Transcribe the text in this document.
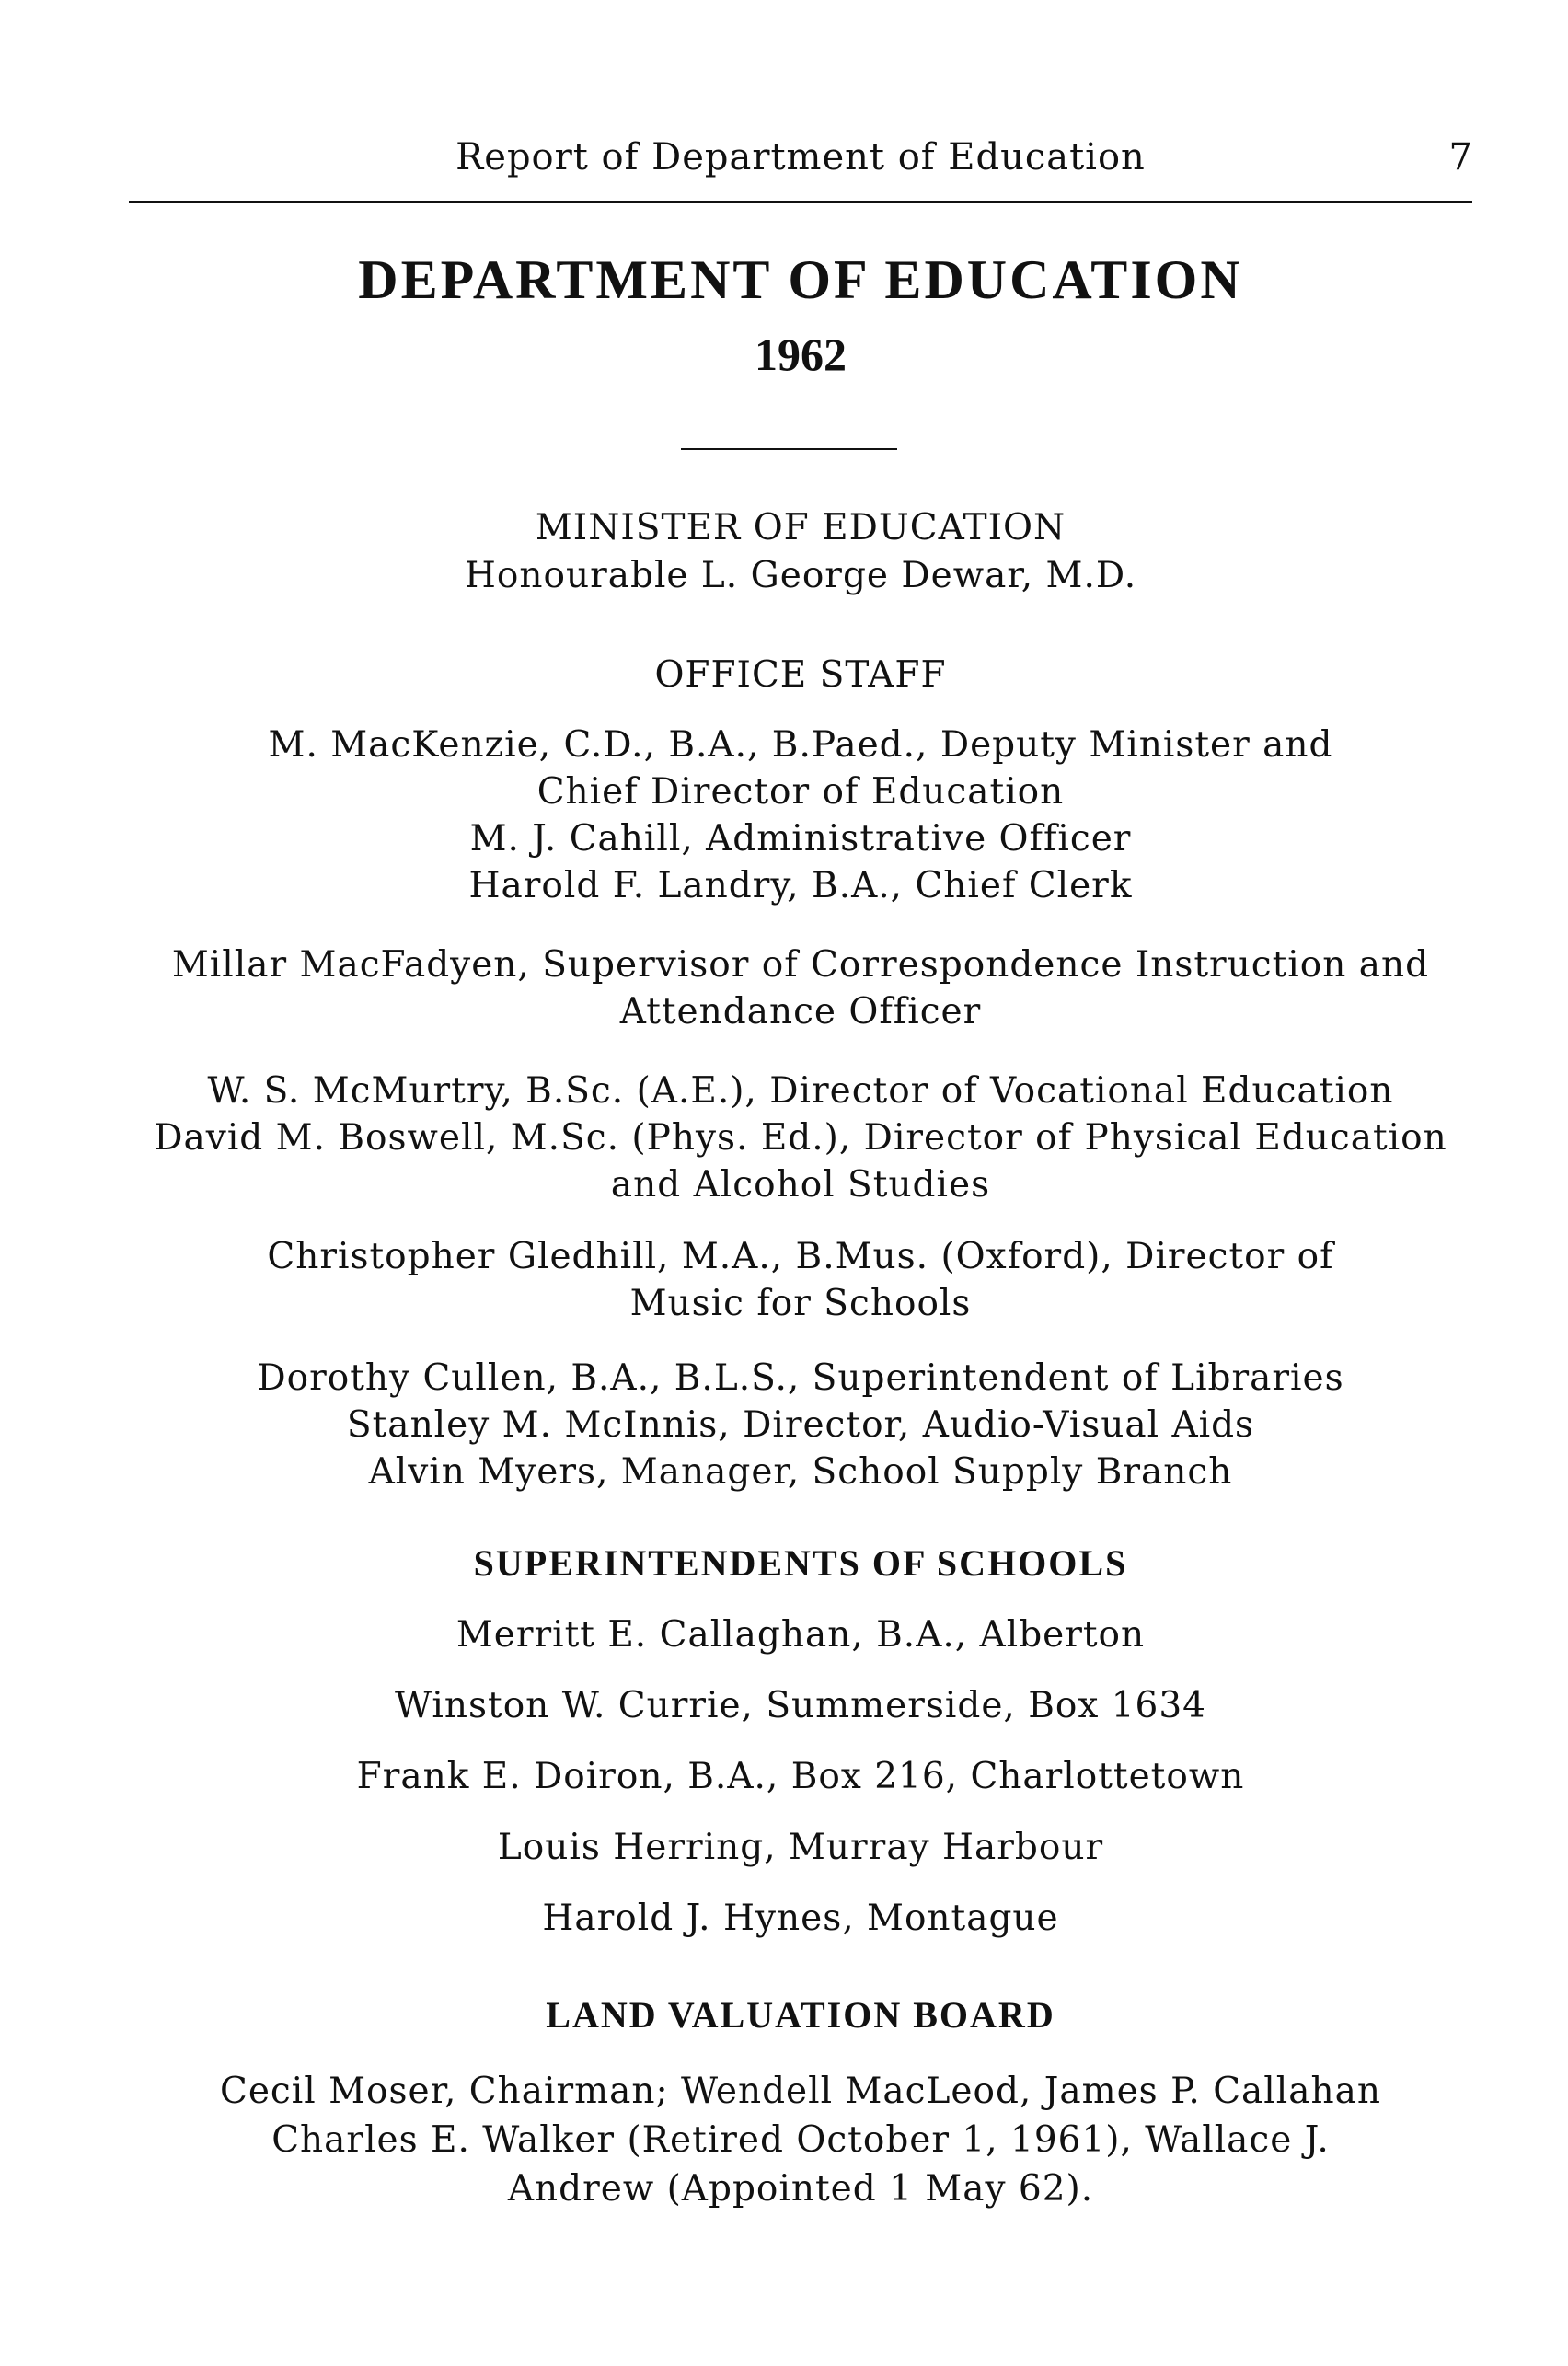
Report of Department of Education	7
DEPARTMENT OF EDUCATION
1962
MINISTER OF EDUCATION
Honourable L. George Dewar, M.D.
OFFICE STAFF
M. MacKenzie, C.D., B.A., B.Paed., Deputy Minister and
Chief Director of Education
M. J. Cahill, Administrative Officer
Harold F. Landry, B.A., Chief Clerk
Millar MacFadyen, Supervisor of Correspondence Instruction and
Attendance Officer
W. S. McMurtry, B.Sc. (A.E.), Director of Vocational Education
David M. Boswell, M.Sc. (Phys. Ed.), Director of Physical Education
and Alcohol Studies
Christopher Gledhill, M.A., B.Mus. (Oxford), Director of
Music for Schools
Dorothy Cullen, B.A., B.L.S., Superintendent of Libraries
Stanley M. McInnis, Director, Audio-Visual Aids
Alvin Myers, Manager, School Supply Branch
SUPERINTENDENTS OF SCHOOLS
Merritt E. Callaghan, B.A., Alberton
Winston W. Currie, Summerside, Box 1634
Frank E. Doiron, B.A., Box 216, Charlottetown
Louis Herring, Murray Harbour
Harold J. Hynes, Montague
LAND VALUATION BOARD
Cecil Moser, Chairman; Wendell MacLeod, James P. Callahan
Charles E. Walker (Retired October 1, 1961), Wallace J.
Andrew (Appointed 1 May 62).
